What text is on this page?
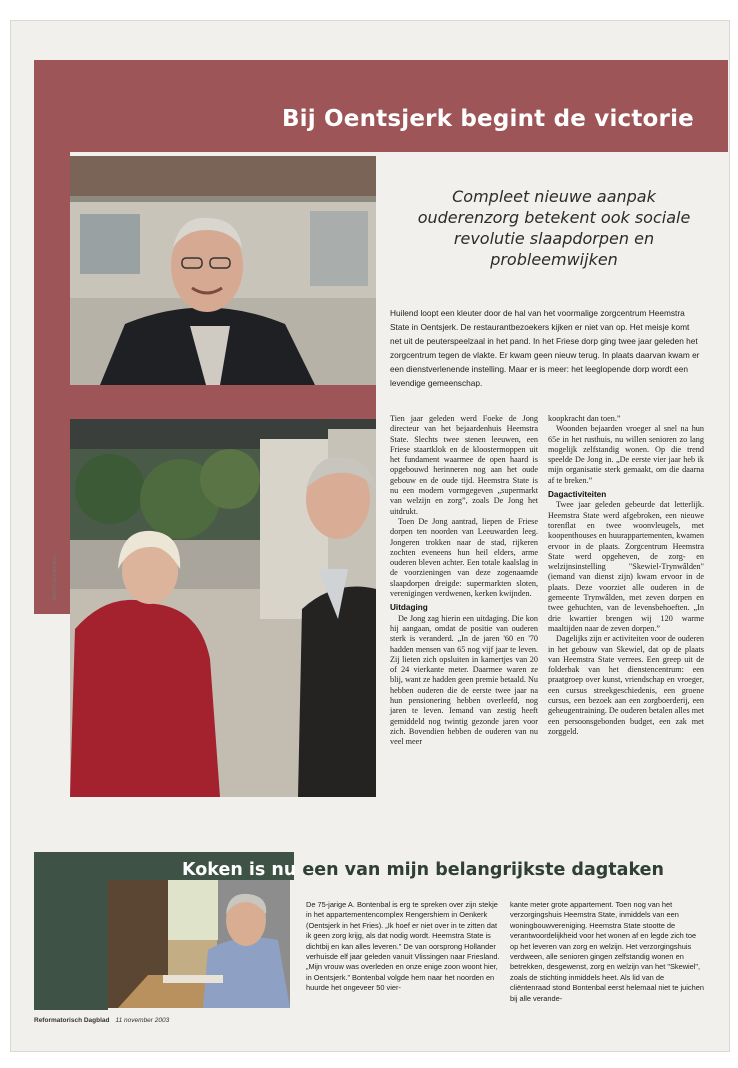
Bij Oentsjerk begint de victorie
Beeld Erik Kottmeier
Compleet nieuwe aanpak ouderenzorg betekent ook sociale revolutie slaapdorpen en probleemwijken

Huilend loopt een kleuter door de hal van het voormalige zorgcentrum Heemstra State in Oentsjerk. De restaurantbezoekers kijken er niet van op. Het meisje komt net uit de peuterspeelzaal in het pand. In het Friese dorp ging twee jaar geleden het zorgcentrum tegen de vlakte. Er kwam geen nieuw terug. In plaats daarvan kwam er een dienstverlenende instelling. Maar er is meer: het leeglopende dorp wordt een levendige gemeenschap.

Tien jaar geleden werd Foeke de Jong directeur van het bejaardenhuis Heemstra State. Slechts twee stenen leeuwen, een Friese staartklok en de kloostermoppen uit het fundament waarmee de open haard is opgebouwd herinneren nog aan het oude gebouw en de oude tijd. Heemstra State is nu een modern vormgegeven „supermarkt van welzijn en zorg”, zoals De Jong het uitdrukt.

Toen De Jong aantrad, liepen de Friese dorpen ten noorden van Leeuwarden leeg. Jongeren trokken naar de stad, rijkeren zochten eveneens hun heil elders, arme ouderen bleven achter. Een totale kaalslag in de voorzieningen van deze zogenaamde slaapdorpen dreigde: supermarkten sloten, verenigingen verdwenen, kerken kwijnden.

Uitdaging

De Jong zag hierin een uitdaging. Die kon hij aangaan, omdat de positie van ouderen sterk is veranderd. „In de jaren '60 en '70 hadden mensen van 65 nog vijf jaar te leven. Zij lieten zich opsluiten in kamertjes van 20 of 24 vierkante meter. Daarmee waren ze blij, want ze hadden geen premie betaald. Nu hebben ouderen die de eerste twee jaar na hun pensionering hebben overleefd, nog jaren te leven. Iemand van zestig heeft gemiddeld nog twintig gezonde jaren voor zich. Bovendien hebben de ouderen van nu veel meer

koopkracht dan toen.”

Woonden bejaarden vroeger al snel na hun 65e in het rusthuis, nu willen senioren zo lang mogelijk zelfstandig wonen. Op die trend speelde De Jong in. „De eerste vier jaar heb ik mijn organisatie sterk gemaakt, om die daarna af te breken.”

Dagactiviteiten

Twee jaar geleden gebeurde dat letterlijk. Heemstra State werd afgebroken, een nieuwe torenflat en twee woonvleugels, met koopenthouses en huurappartementen, kwamen ervoor in de plaats. Zorgcentrum Heemstra State werd opgeheven, de zorg- en welzijnsinstelling "Skewiel-Trynwâlden" (iemand van dienst zijn) kwam ervoor in de plaats. Deze voorziet alle ouderen in de gemeente Trynwâlden, met zeven dorpen en twee gehuchten, van de levensbehoeften. „In drie kwartier brengen wij 120 warme maaltijden naar de zeven dorpen.”

Dagelijks zijn er activiteiten voor de ouderen in het gebouw van Skewiel, dat op de plaats van Heemstra State verrees. Een greep uit de folderbak van het dienstencentrum: een praatgroep over kunst, vriendschap en vroeger, een cursus streekgeschiedenis, een groene cursus, een bezoek aan een zorgboerderij, een geheugentraining. De ouderen betalen alles met een persoonsgebonden budget, een zak met zorggeld.

Koken is nu een van mijn belangrijkste dagtaken

De 75-jarige A. Bontenbal is erg te spreken over zijn stekje in het appartementencomplex Rengershiem in Oenkerk (Oentsjerk in het Fries). „Ik hoef er niet over in te zitten dat ik geen zorg krijg, als dat nodig wordt. Heemstra State is dichtbij en kan alles leveren.” De van oorsprong Hollander verhuisde elf jaar geleden vanuit Vlissingen naar Friesland. „Mijn vrouw was overleden en onze enige zoon woont hier, in Oentsjerk.” Bontenbal volgde hem naar het noorden en huurde het ongeveer 50 vier-

kante meter grote appartement. Toen nog van het verzorgingshuis Heemstra State, inmiddels van een woningbouwvereniging. Heemstra State stootte de verantwoordelijkheid voor het wonen af en legde zich toe op het leveren van zorg en welzijn. Het verzorgingshuis verdween, alle senioren gingen zelfstandig wonen en betrekken, desgewenst, zorg en welzijn van het "Skewiel", zoals de stichting inmiddels heet. Als lid van de cliëntenraad stond Bontenbal eerst helemaal niet te juichen bij alle verande-

Reformatorisch Dagblad 11 november 2003
